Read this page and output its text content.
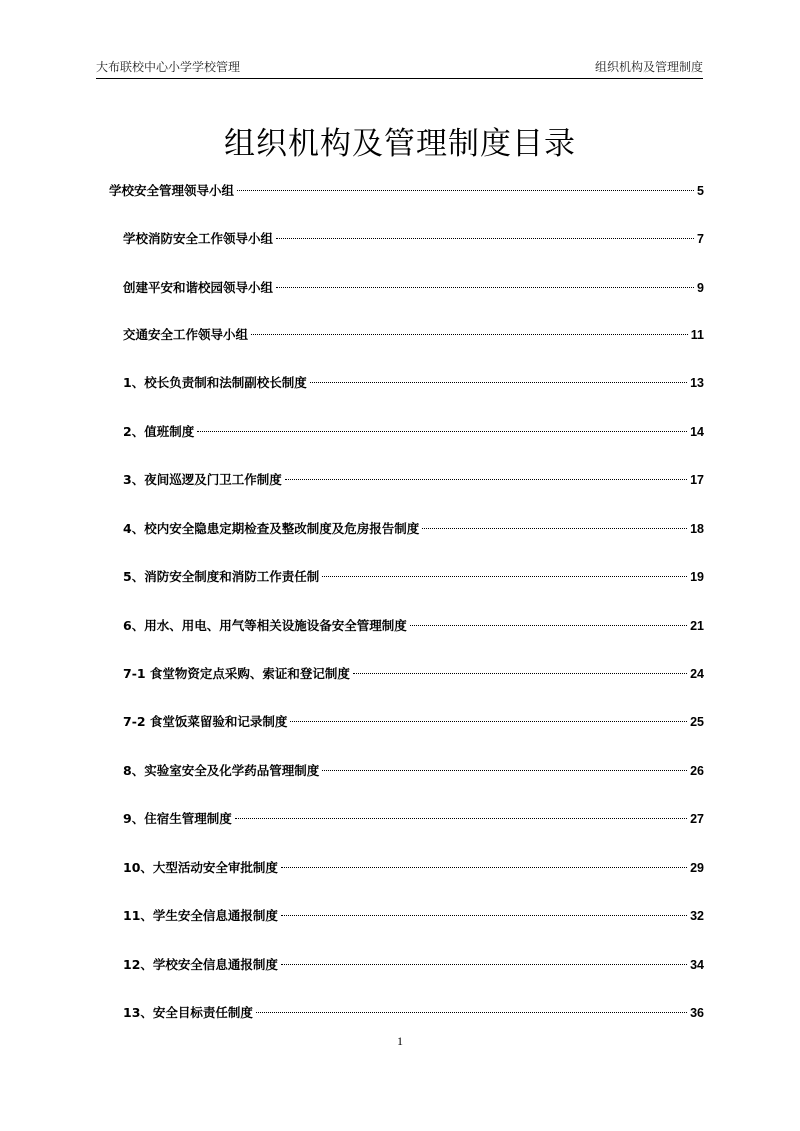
大布联校中心小学学校管理	组织机构及管理制度
组织机构及管理制度目录
学校安全管理领导小组	5
学校消防安全工作领导小组	7
创建平安和谐校园领导小组	9
交通安全工作领导小组	11
1、校长负责制和法制副校长制度	13
2、值班制度	14
3、夜间巡逻及门卫工作制度	17
4、校内安全隐患定期检查及整改制度及危房报告制度	18
5、消防安全制度和消防工作责任制	19
6、用水、用电、用气等相关设施设备安全管理制度	21
7-1 食堂物资定点采购、索证和登记制度	24
7-2 食堂饭菜留验和记录制度	25
8、实验室安全及化学药品管理制度	26
9、住宿生管理制度	27
10、大型活动安全审批制度	29
11、学生安全信息通报制度	32
12、学校安全信息通报制度	34
13、安全目标责任制度	36
1
